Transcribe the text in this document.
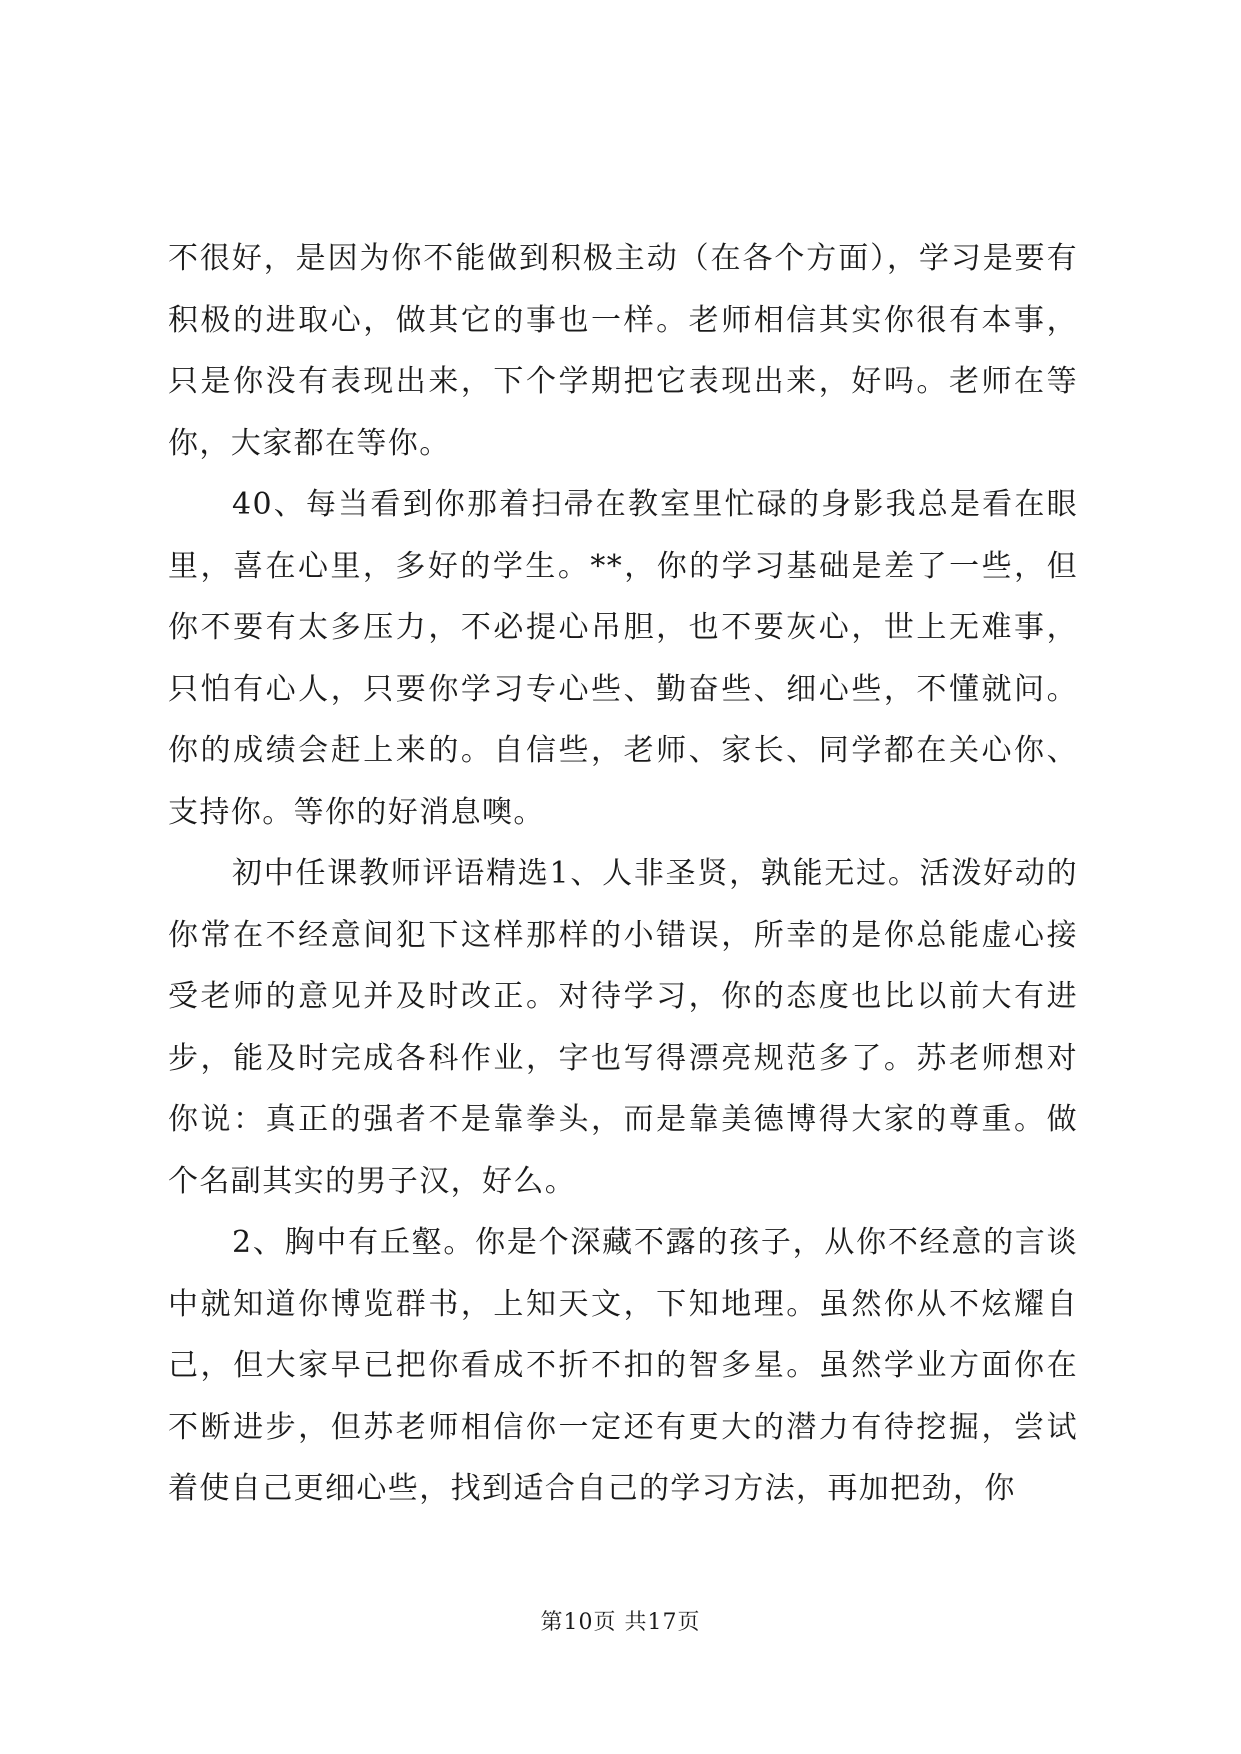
不很好，是因为你不能做到积极主动（在各个方面），学习是要有积极的进取心，做其它的事也一样。老师相信其实你很有本事，只是你没有表现出来，下个学期把它表现出来，好吗。老师在等你，大家都在等你。

40、每当看到你那着扫帚在教室里忙碌的身影我总是看在眼里，喜在心里，多好的学生。**，你的学习基础是差了一些，但你不要有太多压力，不必提心吊胆，也不要灰心，世上无难事，只怕有心人，只要你学习专心些、勤奋些、细心些，不懂就问。你的成绩会赶上来的。自信些，老师、家长、同学都在关心你、支持你。等你的好消息噢。

初中任课教师评语精选1、人非圣贤，孰能无过。活泼好动的你常在不经意间犯下这样那样的小错误，所幸的是你总能虚心接受老师的意见并及时改正。对待学习，你的态度也比以前大有进步，能及时完成各科作业，字也写得漂亮规范多了。苏老师想对你说：真正的强者不是靠拳头，而是靠美德博得大家的尊重。做个名副其实的男子汉，好么。

2、胸中有丘壑。你是个深藏不露的孩子，从你不经意的言谈中就知道你博览群书，上知天文，下知地理。虽然你从不炫耀自己，但大家早已把你看成不折不扣的智多星。虽然学业方面你在不断进步，但苏老师相信你一定还有更大的潜力有待挖掘，尝试着使自己更细心些，找到适合自己的学习方法，再加把劲，你

第10页 共17页
